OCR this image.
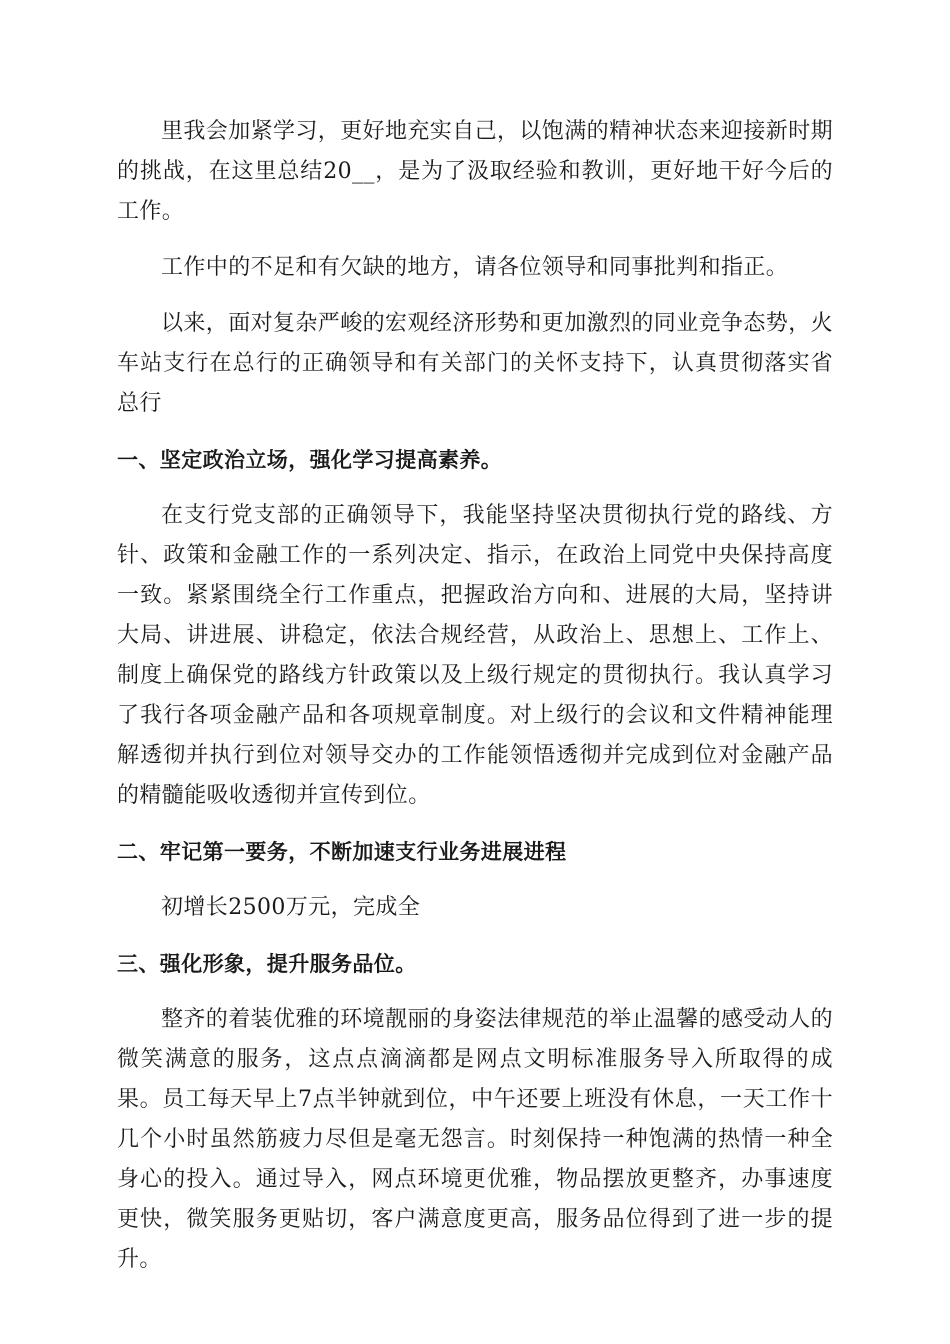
里我会加紧学习，更好地充实自己，以饱满的精神状态来迎接新时期的挑战，在这里总结20__，是为了汲取经验和教训，更好地干好今后的工作。

工作中的不足和有欠缺的地方，请各位领导和同事批判和指正。

以来，面对复杂严峻的宏观经济形势和更加激烈的同业竞争态势，火车站支行在总行的正确领导和有关部门的关怀支持下，认真贯彻落实省总行

一、坚定政治立场，强化学习提高素养。

在支行党支部的正确领导下，我能坚持坚决贯彻执行党的路线、方针、政策和金融工作的一系列决定、指示，在政治上同党中央保持高度一致。紧紧围绕全行工作重点，把握政治方向和、进展的大局，坚持讲大局、讲进展、讲稳定，依法合规经营，从政治上、思想上、工作上、制度上确保党的路线方针政策以及上级行规定的贯彻执行。我认真学习了我行各项金融产品和各项规章制度。对上级行的会议和文件精神能理解透彻并执行到位对领导交办的工作能领悟透彻并完成到位对金融产品的精髓能吸收透彻并宣传到位。

二、牢记第一要务，不断加速支行业务进展进程

初增长2500万元，完成全

三、强化形象，提升服务品位。

整齐的着装优雅的环境靓丽的身姿法律规范的举止温馨的感受动人的微笑满意的服务，这点点滴滴都是网点文明标准服务导入所取得的成果。员工每天早上7点半钟就到位，中午还要上班没有休息，一天工作十几个小时虽然筋疲力尽但是毫无怨言。时刻保持一种饱满的热情一种全身心的投入。通过导入，网点环境更优雅，物品摆放更整齐，办事速度更快，微笑服务更贴切，客户满意度更高，服务品位得到了进一步的提升。
